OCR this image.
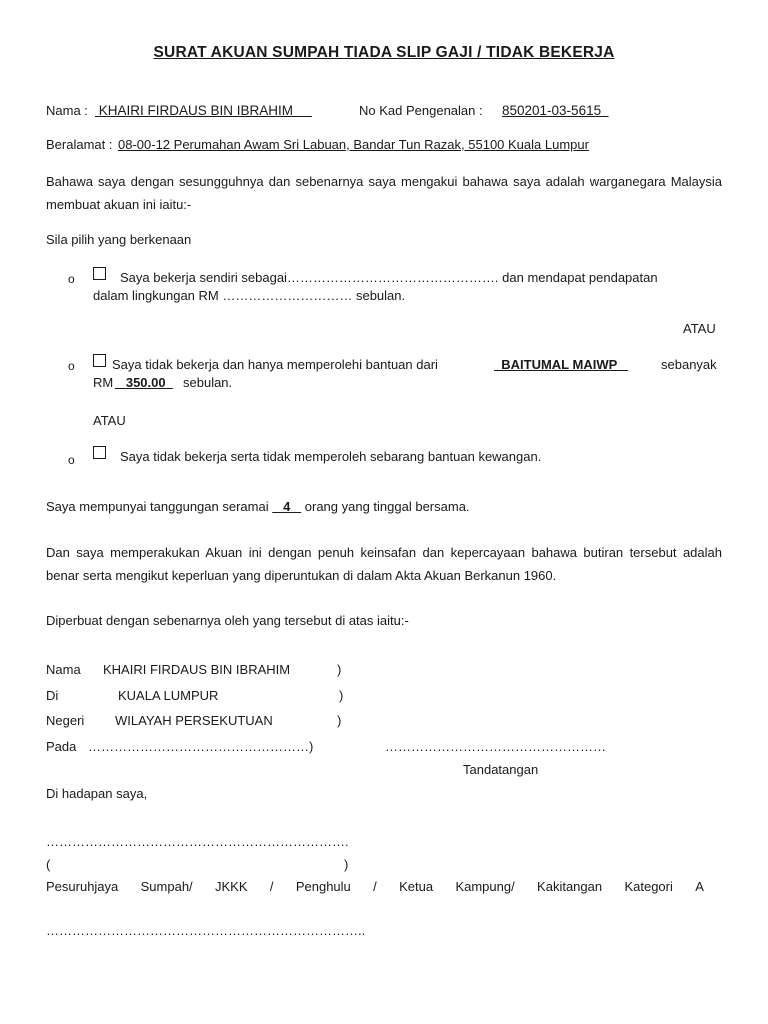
SURAT AKUAN SUMPAH TIADA SLIP GAJI / TIDAK BEKERJA
Nama : KHAIRI FIRDAUS BIN IBRAHIM	No Kad Pengenalan : 850201-03-5615
Beralamat : 08-00-12 Perumahan Awam Sri Labuan, Bandar Tun Razak, 55100 Kuala Lumpur
Bahawa saya dengan sesungguhnya dan sebenarnya saya mengakui bahawa saya adalah warganegara Malaysia membuat akuan ini iaitu:-
Sila pilih yang berkenaan
o	Saya bekerja sendiri sebagai…………………………………………. dan mendapat pendapatan
dalam lingkungan RM ………………………… sebulan.
ATAU
o	Saya tidak bekerja dan hanya memperolehi bantuan dari	BAITUMAL MAIWP	sebanyak
RM 350.00	sebulan.
ATAU
o	Saya tidak bekerja serta tidak memperoleh sebarang bantuan kewangan.
Saya mempunyai tanggungan seramai 4 orang yang tinggal bersama.
Dan saya memperakukan Akuan ini dengan penuh keinsafan dan kepercayaan bahawa butiran tersebut adalah benar serta mengikut keperluan yang diperuntukan di dalam Akta Akuan Berkanun 1960.
Diperbuat dengan sebenarnya oleh yang tersebut di atas iaitu:-
Nama KHAIRI FIRDAUS BIN IBRAHIM	)
Di	KUALA LUMPUR	)
Negeri WILAYAH PERSEKUTUAN	)
Pada ……………………………………………)	……………………………………………
Tandatangan
Di hadapan saya,
…………………………………………………………….
(	)
Pesuruhjaya Sumpah/ JKKK / Penghulu / Ketua Kampung/ Kakitangan Kategori A
………………………………………………………………..
